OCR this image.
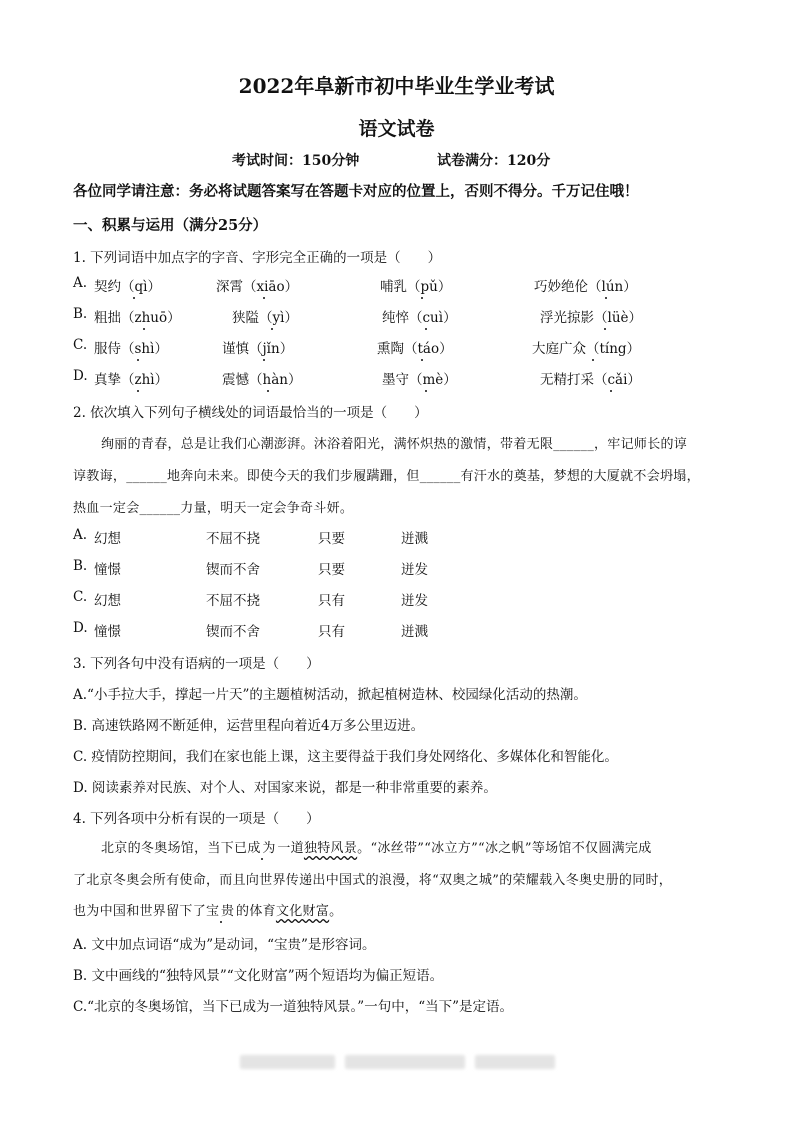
2022年阜新市初中毕业生学业考试
语文试卷
考试时间：150分钟	试卷满分：120分
各位同学请注意：务必将试题答案写在答题卡对应的位置上，否则不得分。千万记住哦！
一、积累与运用（满分25分）
1. 下列词语中加点字的字音、字形完全正确的一项是（　　）
A. 契约（qì）	深霄（xiāo）	哺乳（pǔ）	巧妙绝伦（lún）
B. 粗拙（zhuō）	狭隘（yì）	纯悴（cuì）	浮光掠影（lüè）
C. 服侍（shì）	谨慎（jǐn）	熏陶（táo）	大庭广众（tíng）
D. 真挚（zhì）	震憾（hàn）	墨守（mè）	无精打采（cǎi）
2. 依次填入下列句子横线处的词语最恰当的一项是（　　）
绚丽的青春，总是让我们心潮澎湃。沐浴着阳光，满怀炽热的激情，带着无限______，牢记师长的谆
谆教诲，______地奔向未来。即使今天的我们步履蹒跚，但______有汗水的奠基，梦想的大厦就不会坍塌，
热血一定会______力量，明天一定会争奇斗妍。
A. 幻想	不屈不挠	只要	迸溅
B. 憧憬	锲而不舍	只要	迸发
C. 幻想	不屈不挠	只有	迸发
D. 憧憬	锲而不舍	只有	迸溅
3. 下列各句中没有语病的一项是（　　）
A.“小手拉大手，撑起一片天”的主题植树活动，掀起植树造林、校园绿化活动的热潮。
B. 高速铁路网不断延伸，运营里程向着近4万多公里迈进。
C. 疫情防控期间，我们在家也能上课，这主要得益于我们身处网络化、多媒体化和智能化。
D. 阅读素养对民族、对个人、对国家来说，都是一种非常重要的素养。
4. 下列各项中分析有误的一项是（　　）
北京的冬奥场馆，当下已成为一道独特风景。“冰丝带”“冰立方”“冰之帆”等场馆不仅圆满完成
了北京冬奥会所有使命，而且向世界传递出中国式的浪漫，将“双奥之城”的荣耀载入冬奥史册的同时，
也为中国和世界留下了宝贵的体育文化财富。
A. 文中加点词语“成为”是动词，“宝贵”是形容词。
B. 文中画线的“独特风景”“文化财富”两个短语均为偏正短语。
C.“北京的冬奥场馆，当下已成为一道独特风景。”一句中，“当下”是定语。
